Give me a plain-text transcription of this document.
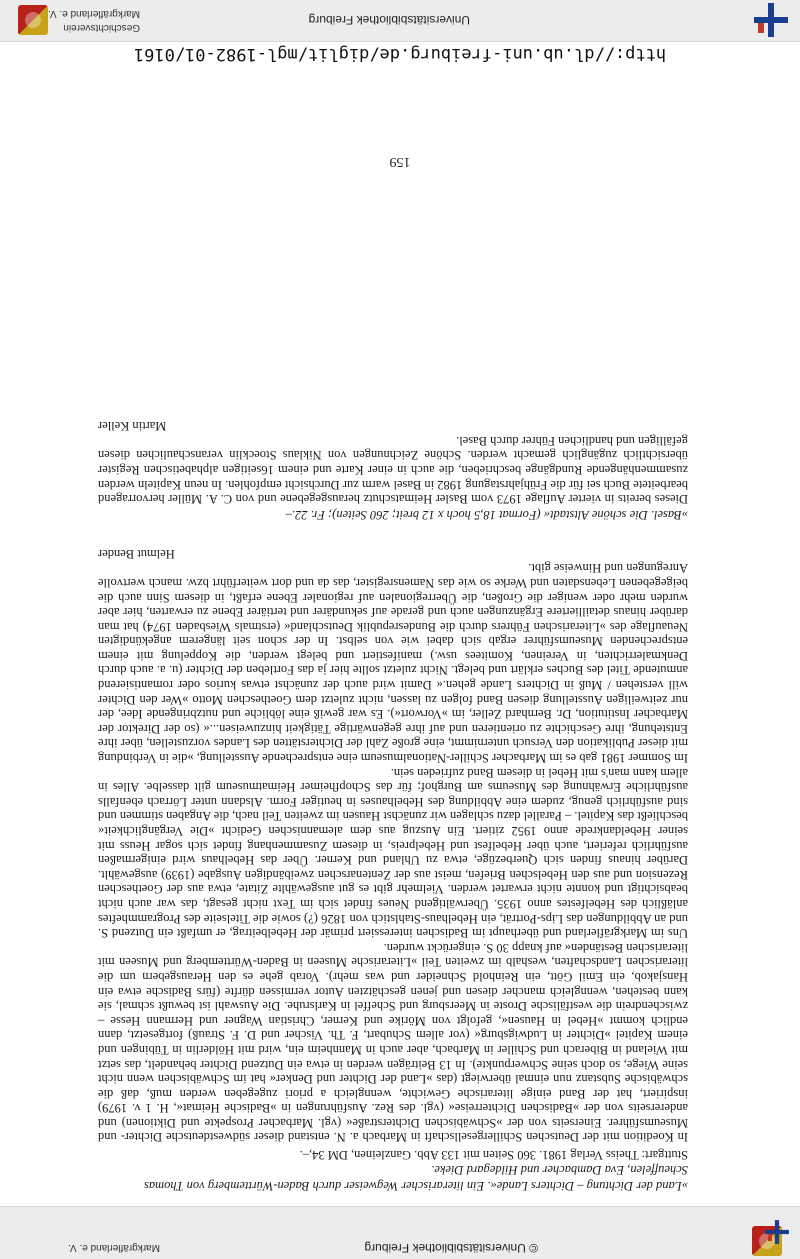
© Universitätsbibliothek Freiburg
Markgräflerland e. V.

»Land der Dichtung – Dichters Lande«. Ein literarischer Wegweiser durch Baden-Württemberg von Thomas Scheuffelen, Eva Dambacher und Hildegard Dieke.

Stuttgart: Theiss Verlag 1981. 360 Seiten mit 133 Abb. Ganzleinen, DM 34,–.

In Koedition mit der Deutschen Schillergesellschaft in Marbach a. N. entstand dieser südwestdeutsche Dichter- und Museumsführer. Einerseits von der »Schwäbischen Dichterstraße« (vgl. Marbacher Prospekte und Diktionen) und andererseits von der »Badischen Dichterreise« (vgl. des Rez. Ausführungen in »Badische Heimat«, H. 1 v. 1979) inspiriert, hat der Band einige literarische Gewichte, wenngleich a priori zugegeben werden muß, daß die schwäbische Substanz nun einmal überwiegt (das »Land der Dichter und Denker« hat im Schwäbischen wenn nicht seine Wiege, so doch seine Schwerpunkte). In 13 Beiträgen werden in etwa ein Dutzend Dichter behandelt, das setzt mit Wieland in Biberach und Schiller in Marbach, aber auch in Mannheim ein, wird mit Hölderlin in Tübingen und einem Kapitel »Dichter in Ludwigsburg« (vor allem Schubart, F. Th. Vischer und D. F. Strauß) fortgesetzt, dann endlich kommt »Hebel in Hausen«, gefolgt von Mörike und Kerner, Christian Wagner und Hermann Hesse – zwischendrein die westfälische Droste in Meersburg und Scheffel in Karlsruhe. Die Auswahl ist bewußt schmal, sie kann bestehen, wenngleich mancher diesen und jenen geschätzten Autor vermissen dürfte (fürs Badische etwa ein Hansjakob, ein Emil Gött, ein Reinhold Schneider und was mehr). Vorab gehe es den Herausgebern um die literarischen Landschaften, weshalb im zweiten Teil »Literarische Museen in Baden-Württemberg und Museen mit literarischen Beständen« auf knapp 30 S. eingerückt wurden.

Uns im Markgräflerland und überhaupt im Badischen interessiert primär der Hebelbeitrag, er umfaßt ein Dutzend S. und an Abbildungen das Lips-Porträt, ein Hebelhaus-Stahlstich von 1826 (?) sowie die Titelseite des Programmheftes anläßlich des Hebelfestes anno 1935. Überwältigend Neues findet sich im Text nicht gesagt, das war auch nicht beabsichtigt und konnte nicht erwartet werden. Vielmehr gibt es gut ausgewählte Zitate, etwa aus der Goetheschen Rezension und aus den Hebelschen Briefen, meist aus der Zentenarschen zweibändigen Ausgabe (1939) ausgewählt. Darüber hinaus finden sich Querbezüge, etwa zu Uhland und Kerner. Über das Hebelhaus wird einigermaßen ausführlich referiert, auch über Hebelfest und Hebelpreis, in diesem Zusammenhang findet sich sogar Heuss mit seiner Hebeldankrede anno 1952 zitiert. Ein Auszug aus dem alemannischen Gedicht »Die Vergänglichkeit« beschließt das Kapitel. – Parallel dazu schlagen wir zunächst Hausen im zweiten Teil nach, die Angaben stimmen und sind ausführlich genug, zudem eine Abbildung des Hebelhauses in heutiger Form. Alsdann unter Lörrach ebenfalls ausführliche Erwähnung des Museums am Burghof; für das Schopfheimer Heimatmuseum gilt dasselbe. Alles in allem kann man's mit Hebel in diesem Band zufrieden sein.

Im Sommer 1981 gab es im Marbacher Schiller-Nationalmuseum eine entsprechende Ausstellung, »die in Verbindung mit dieser Publikation den Versuch unternimmt, eine große Zahl der Dichterstätten des Landes vorzustellen, über ihre Entstehung, ihre Geschichte zu orientieren und auf ihre gegenwärtige Tätigkeit hinzuweisen...« (so der Direktor der Marbacher Institution, Dr. Bernhard Zeller, im »Vorwort«). Es war gewiß eine löbliche und nutzbringende Idee, der nur zeitweiligen Ausstellung diesen Band folgen zu lassen, nicht zuletzt dem Goetheschen Motto »Wer den Dichter will verstehen / Muß in Dichters Lande gehen.« Damit wird auch der zunächst etwas kurios oder romantisierend anmutende Titel des Buches erklärt und belegt. Nicht zuletzt sollte hier ja das Fortleben der Dichter (u. a. auch durch Denkmalerrichten, in Vereinen, Komitees usw.) manifestiert und belegt werden, die Koppelung mit einem entsprechenden Museumsführer ergab sich dabei wie von selbst. In der schon seit längerem angekündigten Neuauflage des »Literarischen Führers durch die Bundesrepublik Deutschland« (erstmals Wiesbaden 1974) hat man darüber hinaus detailliertere Ergänzungen auch und gerade auf sekundärer und tertiärer Ebene zu erwarten, hier aber wurden mehr oder weniger die Großen, die Überregionalen auf regionaler Ebene erfaßt, in diesem Sinn auch die beigegebenen Lebensdaten und Werke so wie das Namensregister, das da und dort weiterführt bzw. manch wertvolle Anregungen und Hinweise gibt.

Helmut Bender

»Basel. Die schöne Altstadt« (Format 18,5 hoch x 12 breit; 260 Seiten); Fr. 22.–

Dieses bereits in vierter Auflage 1973 vom Basler Heimatschutz herausgegebene und von C. A. Müller hervorragend bearbeitete Buch sei für die Frühjahrstagung 1982 in Basel warm zur Durchsicht empfohlen. In neun Kapiteln werden zusammenhängende Rundgänge beschrieben, die auch in einer Karte und einem 16seitigen alphabetischen Register übersichtlich zugänglich gemacht werden. Schöne Zeichnungen von Niklaus Stoecklin veranschaulichen diesen gefälligen und handlichen Führer durch Basel.

Martin Keller

159
http://dl.ub.uni-freiburg.de/diglit/mgl-1982-01/0161
Universitätsbibliothek Freiburg
Geschichtsverein
Markgräflerland e. V.
